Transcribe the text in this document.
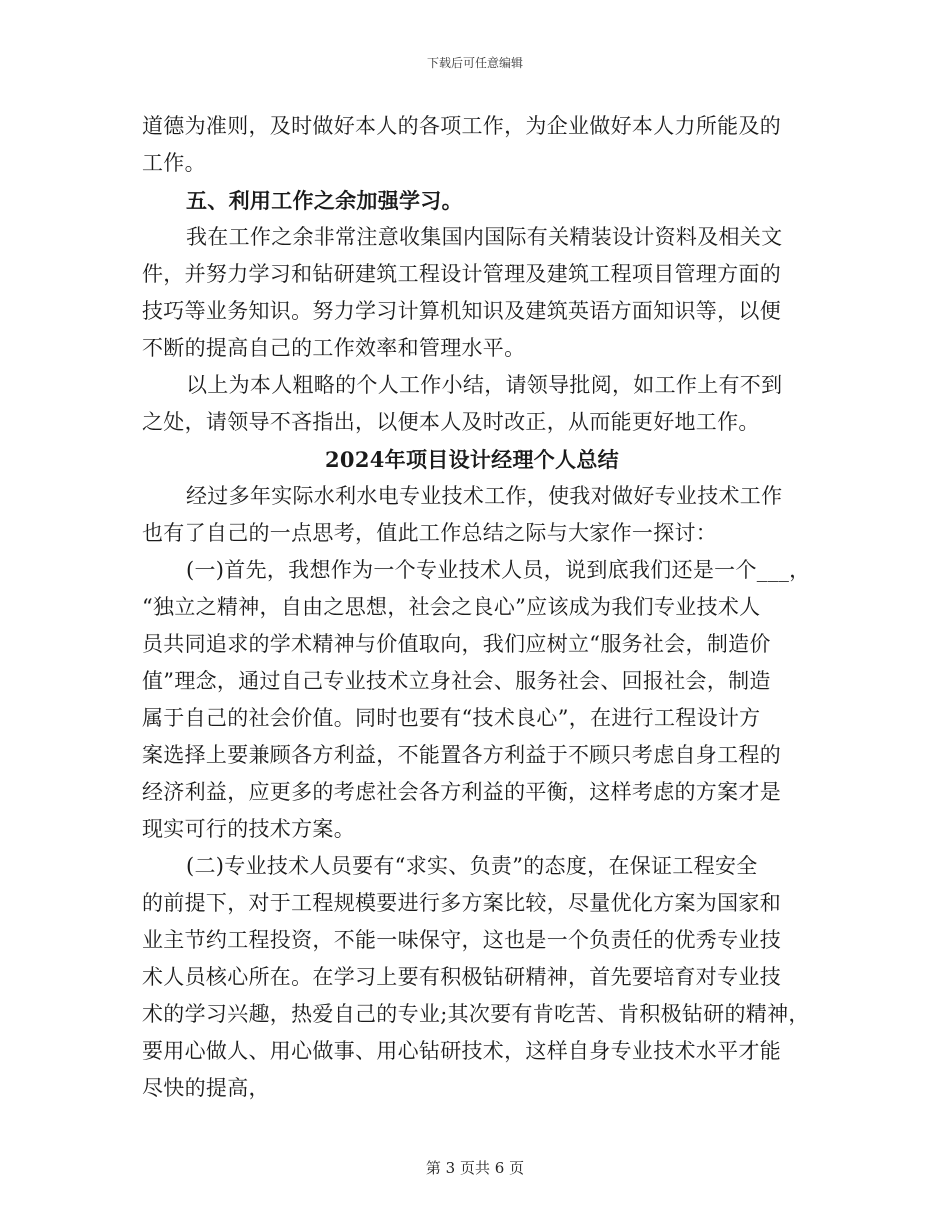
下载后可任意编辑
道德为准则，及时做好本人的各项工作，为企业做好本人力所能及的
工作。
五、利用工作之余加强学习。
我在工作之余非常注意收集国内国际有关精装设计资料及相关文
件，并努力学习和钻研建筑工程设计管理及建筑工程项目管理方面的
技巧等业务知识。努力学习计算机知识及建筑英语方面知识等，以便
不断的提高自己的工作效率和管理水平。
以上为本人粗略的个人工作小结，请领导批阅，如工作上有不到
之处，请领导不吝指出，以便本人及时改正，从而能更好地工作。
2024年项目设计经理个人总结
经过多年实际水利水电专业技术工作，使我对做好专业技术工作
也有了自己的一点思考，值此工作总结之际与大家作一探讨：
(一)首先，我想作为一个专业技术人员，说到底我们还是一个___，
“独立之精神，自由之思想，社会之良心”应该成为我们专业技术人
员共同追求的学术精神与价值取向，我们应树立“服务社会，制造价
值”理念，通过自己专业技术立身社会、服务社会、回报社会，制造
属于自己的社会价值。同时也要有“技术良心”，在进行工程设计方
案选择上要兼顾各方利益，不能置各方利益于不顾只考虑自身工程的
经济利益，应更多的考虑社会各方利益的平衡，这样考虑的方案才是
现实可行的技术方案。
(二)专业技术人员要有“求实、负责”的态度，在保证工程安全
的前提下，对于工程规模要进行多方案比较，尽量优化方案为国家和
业主节约工程投资，不能一味保守，这也是一个负责任的优秀专业技
术人员核心所在。在学习上要有积极钻研精神，首先要培育对专业技
术的学习兴趣，热爱自己的专业;其次要有肯吃苦、肯积极钻研的精神，
要用心做人、用心做事、用心钻研技术，这样自身专业技术水平才能
尽快的提高，
第 3 页共 6 页
